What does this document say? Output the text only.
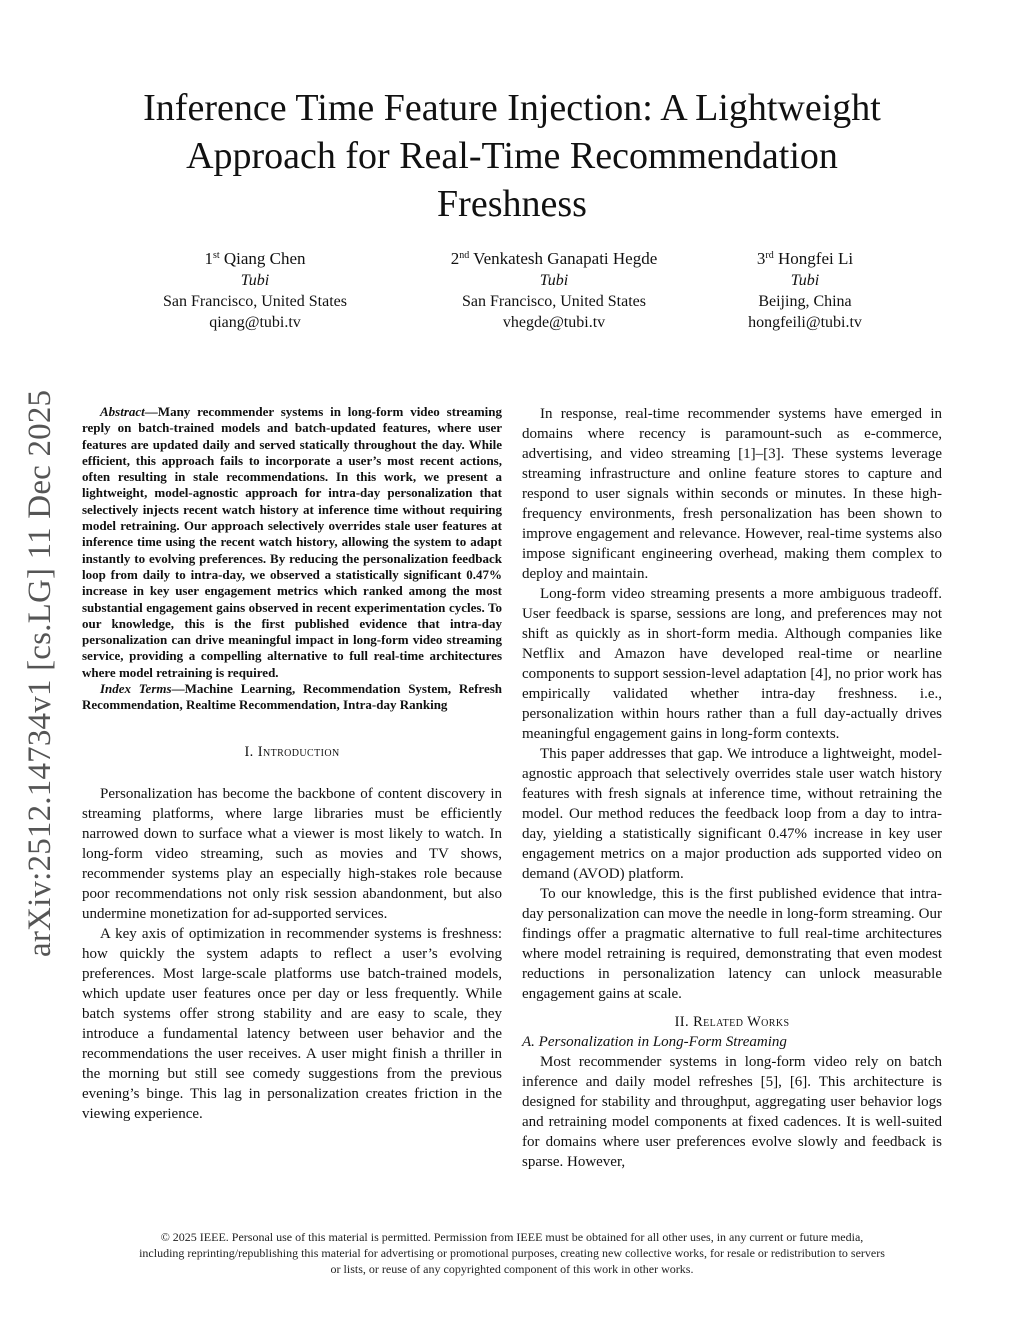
arXiv:2512.14734v1 [cs.LG] 11 Dec 2025
Inference Time Feature Injection: A Lightweight
Approach for Real-Time Recommendation
Freshness
1st Qiang Chen
Tubi
San Francisco, United States
qiang@tubi.tv
2nd Venkatesh Ganapati Hegde
Tubi
San Francisco, United States
vhegde@tubi.tv
3rd Hongfei Li
Tubi
Beijing, China
hongfeili@tubi.tv

Abstract—Many recommender systems in long-form video streaming reply on batch-trained models and batch-updated features, where user features are updated daily and served statically throughout the day. While efficient, this approach fails to incorporate a user’s most recent actions, often resulting in stale recommendations. In this work, we present a lightweight, model-agnostic approach for intra-day personalization that selectively injects recent watch history at inference time without requiring model retraining. Our approach selectively overrides stale user features at inference time using the recent watch history, allowing the system to adapt instantly to evolving preferences. By reducing the personalization feedback loop from daily to intra-day, we observed a statistically significant 0.47% increase in key user engagement metrics which ranked among the most substantial engagement gains observed in recent experimentation cycles. To our knowledge, this is the first published evidence that intra-day personalization can drive meaningful impact in long-form video streaming service, providing a compelling alternative to full real-time architectures where model retraining is required.

Index Terms—Machine Learning, Recommendation System, Refresh Recommendation, Realtime Recommendation, Intra-day Ranking

I. Introduction

Personalization has become the backbone of content discovery in streaming platforms, where large libraries must be efficiently narrowed down to surface what a viewer is most likely to watch. In long-form video streaming, such as movies and TV shows, recommender systems play an especially high-stakes role because poor recommendations not only risk session abandonment, but also undermine monetization for ad-supported services.

A key axis of optimization in recommender systems is freshness: how quickly the system adapts to reflect a user’s evolving preferences. Most large-scale platforms use batch-trained models, which update user features once per day or less frequently. While batch systems offer strong stability and are easy to scale, they introduce a fundamental latency between user behavior and the recommendations the user receives. A user might finish a thriller in the morning but still see comedy suggestions from the previous evening’s binge. This lag in personalization creates friction in the viewing experience.

In response, real-time recommender systems have emerged in domains where recency is paramount-such as e-commerce, advertising, and video streaming [1]–[3]. These systems leverage streaming infrastructure and online feature stores to capture and respond to user signals within seconds or minutes. In these high-frequency environments, fresh personalization has been shown to improve engagement and relevance. However, real-time systems also impose significant engineering overhead, making them complex to deploy and maintain.

Long-form video streaming presents a more ambiguous tradeoff. User feedback is sparse, sessions are long, and preferences may not shift as quickly as in short-form media. Although companies like Netflix and Amazon have developed real-time or nearline components to support session-level adaptation [4], no prior work has empirically validated whether intra-day freshness. i.e., personalization within hours rather than a full day-actually drives meaningful engagement gains in long-form contexts.

This paper addresses that gap. We introduce a lightweight, model-agnostic approach that selectively overrides stale user watch history features with fresh signals at inference time, without retraining the model. Our method reduces the feedback loop from a day to intra-day, yielding a statistically significant 0.47% increase in key user engagement metrics on a major production ads supported video on demand (AVOD) platform.

To our knowledge, this is the first published evidence that intra-day personalization can move the needle in long-form streaming. Our findings offer a pragmatic alternative to full real-time architectures where model retraining is required, demonstrating that even modest reductions in personalization latency can unlock measurable engagement gains at scale.

II. Related Works

A. Personalization in Long-Form Streaming

Most recommender systems in long-form video rely on batch inference and daily model refreshes [5], [6]. This architecture is designed for stability and throughput, aggregating user behavior logs and retraining model components at fixed cadences. It is well-suited for domains where user preferences evolve slowly and feedback is sparse. However,

© 2025 IEEE. Personal use of this material is permitted. Permission from IEEE must be obtained for all other uses, in any current or future media,
including reprinting/republishing this material for advertising or promotional purposes, creating new collective works, for resale or redistribution to servers
or lists, or reuse of any copyrighted component of this work in other works.
